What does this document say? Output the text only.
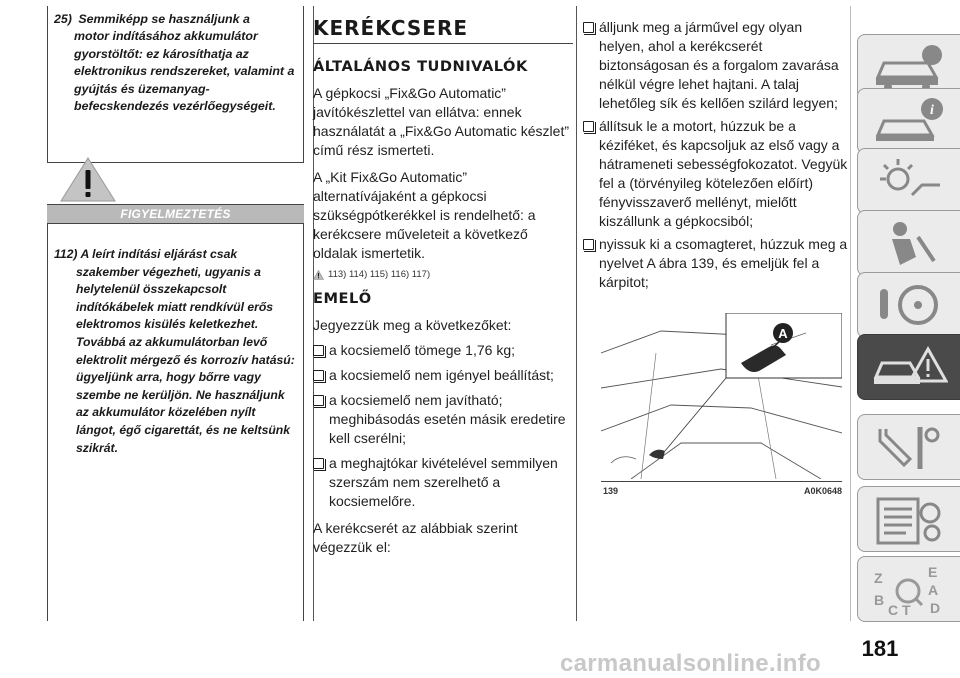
25) Semmiképp se használjunk a
motor indításához akkumulátor gyorstöltőt: ez károsíthatja az elektronikus rendszereket, valamint a gyújtás és üzemanyag-befecskendezés vezérlőegységeit.
FIGYELMEZTETÉS
112) A leírt indítási eljárást csak
szakember végezheti, ugyanis a helytelenül összekapcsolt indítókábelek miatt rendkívül erős elektromos kisülés keletkezhet. Továbbá az akkumulátorban levő elektrolit mérgező és korrozív hatású: ügyeljünk arra, hogy bőrre vagy szembe ne kerüljön. Ne használjunk az akkumulátor közelében nyílt lángot, égő cigarettát, és ne keltsünk szikrát.
KERÉKCSERE
ÁLTALÁNOS TUDNIVALÓK
A gépkocsi „Fix&Go Automatic” javítókészlettel van ellátva: ennek használatát a „Fix&Go Automatic készlet” című rész ismerteti.
A „Kit Fix&Go Automatic” alternatívájaként a gépkocsi szükségpótkerékkel is rendelhető: a kerékcsere műveleteit a következő oldalak ismertetik.
113) 114) 115) 116) 117)
EMELŐ
Jegyezzük meg a következőket:
a kocsiemelő tömege 1,76 kg;
a kocsiemelő nem igényel beállítást;
a kocsiemelő nem javítható; meghibásodás esetén másik eredetire kell cserélni;
a meghajtókar kivételével semmilyen szerszám nem szerelhető a kocsiemelőre.
A kerékcserét az alábbiak szerint végezzük el:
álljunk meg a járművel egy olyan helyen, ahol a kerékcserét biztonságosan és a forgalom zavarása nélkül végre lehet hajtani. A talaj lehetőleg sík és kellően szilárd legyen;
állítsuk le a motort, húzzuk be a kéziféket, és kapcsoljuk az első vagy a hátrameneti sebességfokozatot. Vegyük fel a (törvényileg kötelezően előírt) fényvisszaverő mellényt, mielőtt kiszállunk a gépkocsiból;
nyissuk ki a csomagteret, húzzuk meg a nyelvet A ábra 139, és emeljük fel a kárpitot;
A
139	A0K0648
i
Z	E
A
B
C D
T
181
carmanualsonline.info
